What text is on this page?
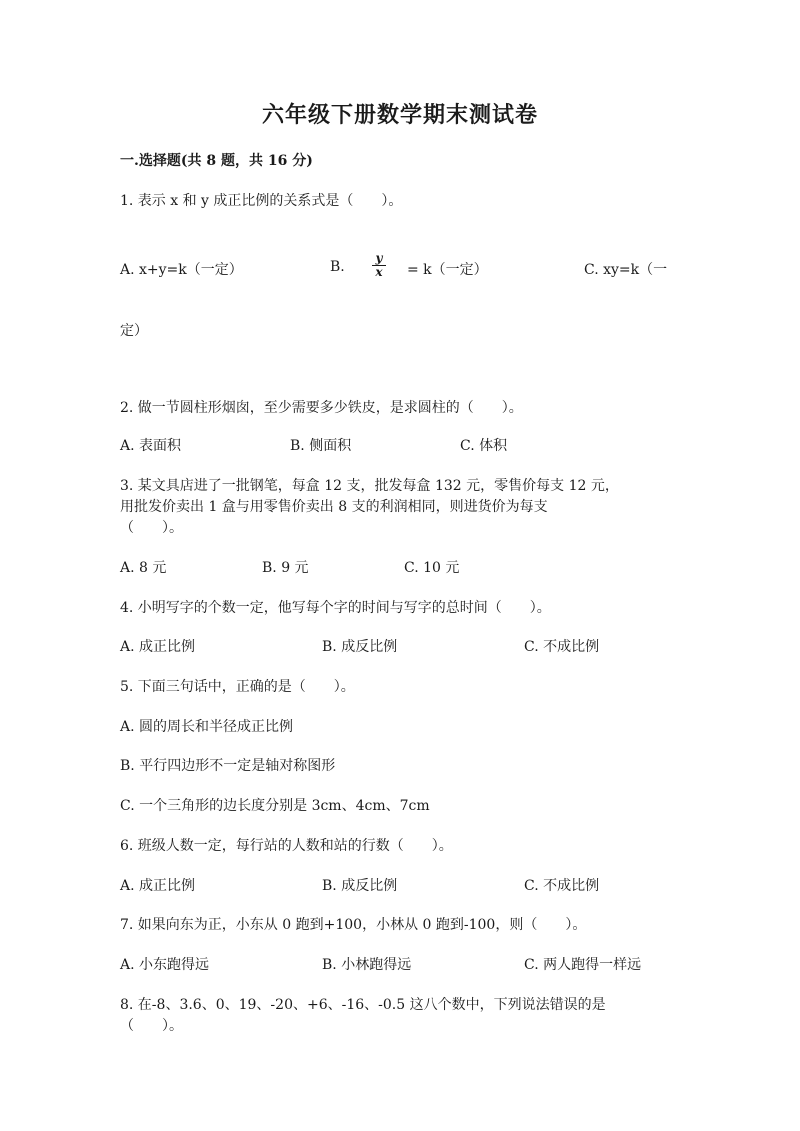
六年级下册数学期末测试卷
一.选择题(共 8 题，共 16 分)
1. 表示 x 和 y 成正比例的关系式是（　　）。
A. x+y=k（一定）	B. $\frac{y}{x} = k$（一定）	C. xy=k（一
定）
2. 做一节圆柱形烟囱，至少需要多少铁皮，是求圆柱的（　　）。
A. 表面积	B. 侧面积	C. 体积
3. 某文具店进了一批钢笔，每盒 12 支，批发每盒 132 元，零售价每支 12 元，
用批发价卖出 1 盒与用零售价卖出 8 支的利润相同，则进货价为每支
（　　）。
A. 8 元	B. 9 元	C. 10 元
4. 小明写字的个数一定，他写每个字的时间与写字的总时间（　　）。
A. 成正比例	B. 成反比例	C. 不成比例
5. 下面三句话中，正确的是（　　）。
A. 圆的周长和半径成正比例
B. 平行四边形不一定是轴对称图形
C. 一个三角形的边长度分别是 3cm、4cm、7cm
6. 班级人数一定，每行站的人数和站的行数（　　）。
A. 成正比例	B. 成反比例	C. 不成比例
7. 如果向东为正，小东从 0 跑到+100，小林从 0 跑到-100，则（　　）。
A. 小东跑得远	B. 小林跑得远	C. 两人跑得一样远
8. 在-8、3.6、0、19、-20、+6、-16、-0.5 这八个数中，下列说法错误的是
（　　）。
